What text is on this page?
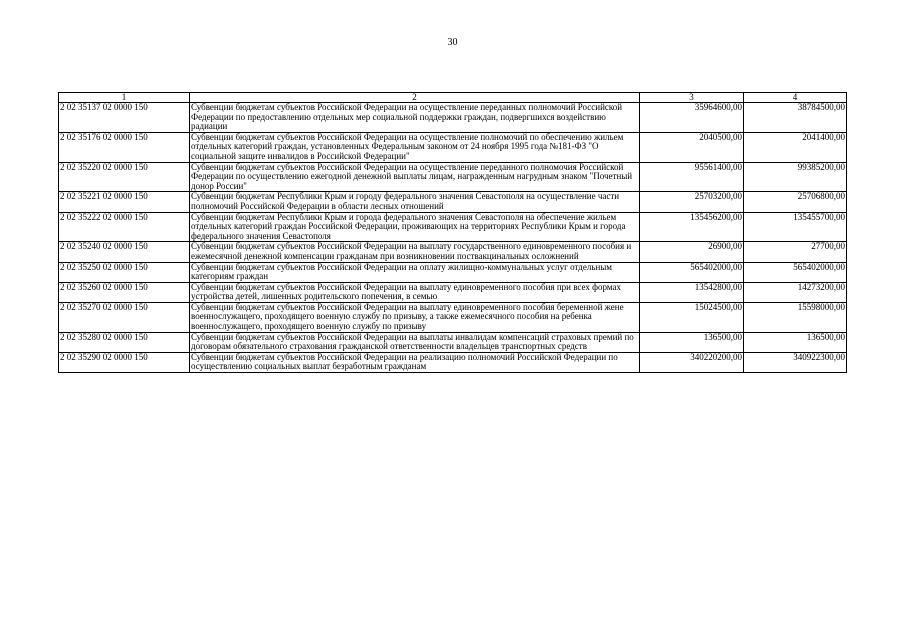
30
1	2	3	4
2 02 35137 02 0000 150	Субвенции бюджетам субъектов Российской Федерации на осуществление переданных полномочий Российской Федерации по предоставлению отдельных мер социальной поддержки граждан, подвергшихся воздействию радиации	35964600,00	38784500,00
2 02 35176 02 0000 150	Субвенции бюджетам субъектов Российской Федерации на осуществление полномочий по обеспечению жильем отдельных категорий граждан, установленных Федеральным законом от 24 ноября 1995 года №181-ФЗ "О социальной защите инвалидов в Российской Федерации"	2040500,00	2041400,00
2 02 35220 02 0000 150	Субвенции бюджетам субъектов Российской Федерации на осуществление переданного полномочия Российской Федерации по осуществлению ежегодной денежной выплаты лицам, награжденным нагрудным знаком "Почетный донор России"	95561400,00	99385200,00
2 02 35221 02 0000 150	Субвенции бюджетам Республики Крым и городу федерального значения Севастополя на осуществление части полномочий Российской Федерации в области лесных отношений	25703200,00	25706800,00
2 02 35222 02 0000 150	Субвенции бюджетам Республики Крым и города федерального значения Севастополя на обеспечение жильем отдельных категорий граждан Российской Федерации, проживающих на территориях Республики Крым и города федерального значения Севастополя	135456200,00	135455700,00
2 02 35240 02 0000 150	Субвенции бюджетам субъектов Российской Федерации на выплату государственного единовременного пособия и ежемесячной денежной компенсации гражданам при возникновении поствакцинальных осложнений	26900,00	27700,00
2 02 35250 02 0000 150	Субвенции бюджетам субъектов Российской Федерации на оплату жилищно-коммунальных услуг отдельным категориям граждан	565402000,00	565402000,00
2 02 35260 02 0000 150	Субвенции бюджетам субъектов Российской Федерации на выплату единовременного пособия при всех формах устройства детей, лишенных родительского попечения, в семью	13542800,00	14273200,00
2 02 35270 02 0000 150	Субвенции бюджетам субъектов Российской Федерации на выплату единовременного пособия беременной жене военнослужащего, проходящего военную службу по призыву, а также ежемесячного пособия на ребенка военнослужащего, проходящего военную службу по призыву	15024500,00	15598000,00
2 02 35280 02 0000 150	Субвенции бюджетам субъектов Российской Федерации на выплаты инвалидам компенсаций страховых премий по договорам обязательного страхования гражданской ответственности владельцев транспортных средств	136500,00	136500,00
2 02 35290 02 0000 150	Субвенции бюджетам субъектов Российской Федерации на реализацию полномочий Российской Федерации по осуществлению социальных выплат безработным гражданам	340220200,00	340922300,00
